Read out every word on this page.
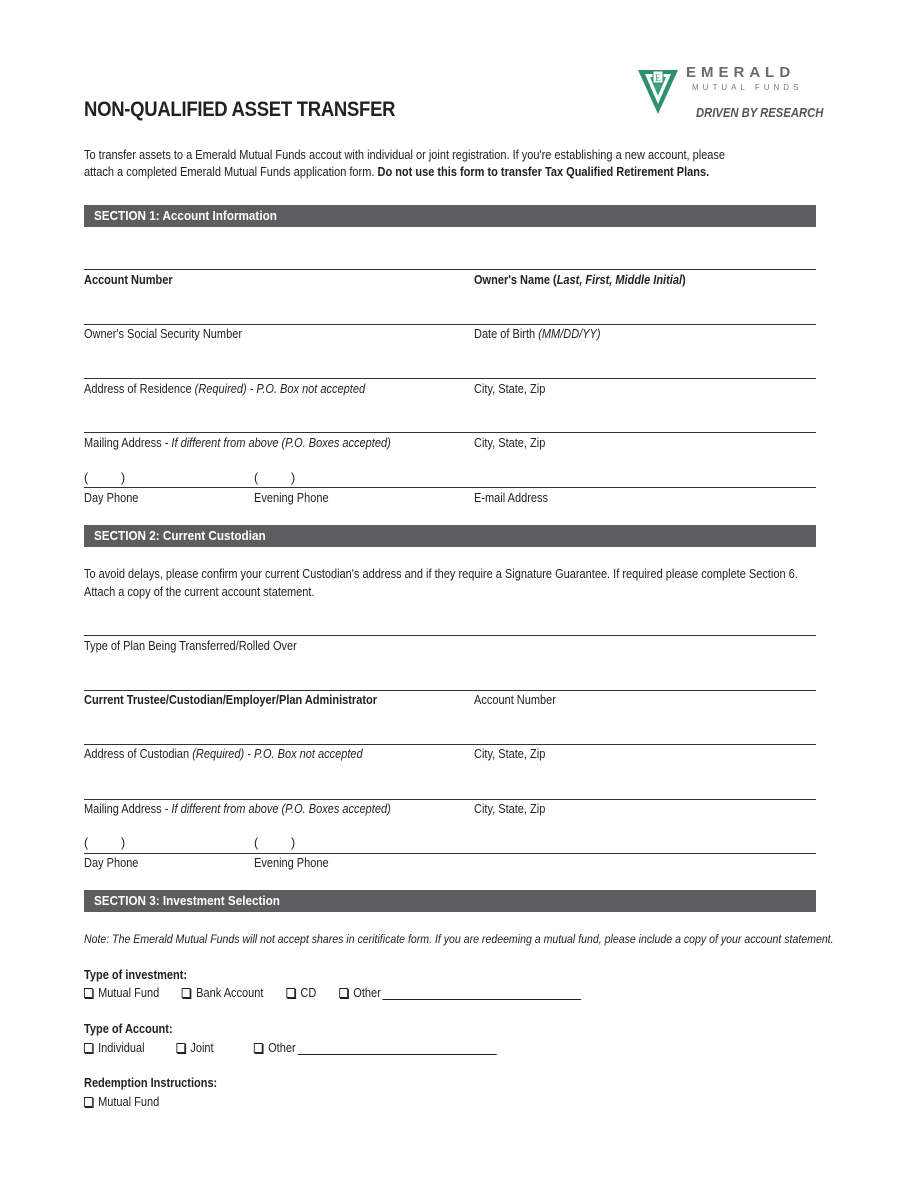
NON-QUALIFIED ASSET TRANSFER
E EMERALD
MUTUAL FUNDS
DRIVEN BY RESEARCH
To transfer assets to a Emerald Mutual Funds accout with individual or joint registration. If you're establishing a new account, please attach a completed Emerald Mutual Funds application form. Do not use this form to transfer Tax Qualified Retirement Plans.
SECTION 1: Account Information
Account Number	Owner's Name (Last, First, Middle Initial)
Owner's Social Security Number	Date of Birth (MM/DD/YY)
Address of Residence (Required) - P.O. Box not accepted	City, State, Zip
Mailing Address - If different from above (P.O. Boxes accepted)	City, State, Zip
(	)	(	)
Day Phone	Evening Phone	E-mail Address
SECTION 2: Current Custodian
To avoid delays, please confirm your current Custodian's address and if they require a Signature Guarantee. If required please complete Section 6. Attach a copy of the current account statement.
Type of Plan Being Transferred/Rolled Over
Current Trustee/Custodian/Employer/Plan Administrator	Account Number
Address of Custodian (Required) - P.O. Box not accepted	City, State, Zip
Mailing Address - If different from above (P.O. Boxes accepted)	City, State, Zip
(	)	(	)
Day Phone	Evening Phone
SECTION 3: Investment Selection
Note: The Emerald Mutual Funds will not accept shares in ceritificate form. If you are redeeming a mutual fund, please include a copy of your account statement.
Type of investment:
Mutual Fund	Bank Account	CD	Other
Type of Account:
Individual	Joint	Other
Redemption Instructions:
Mutual Fund
